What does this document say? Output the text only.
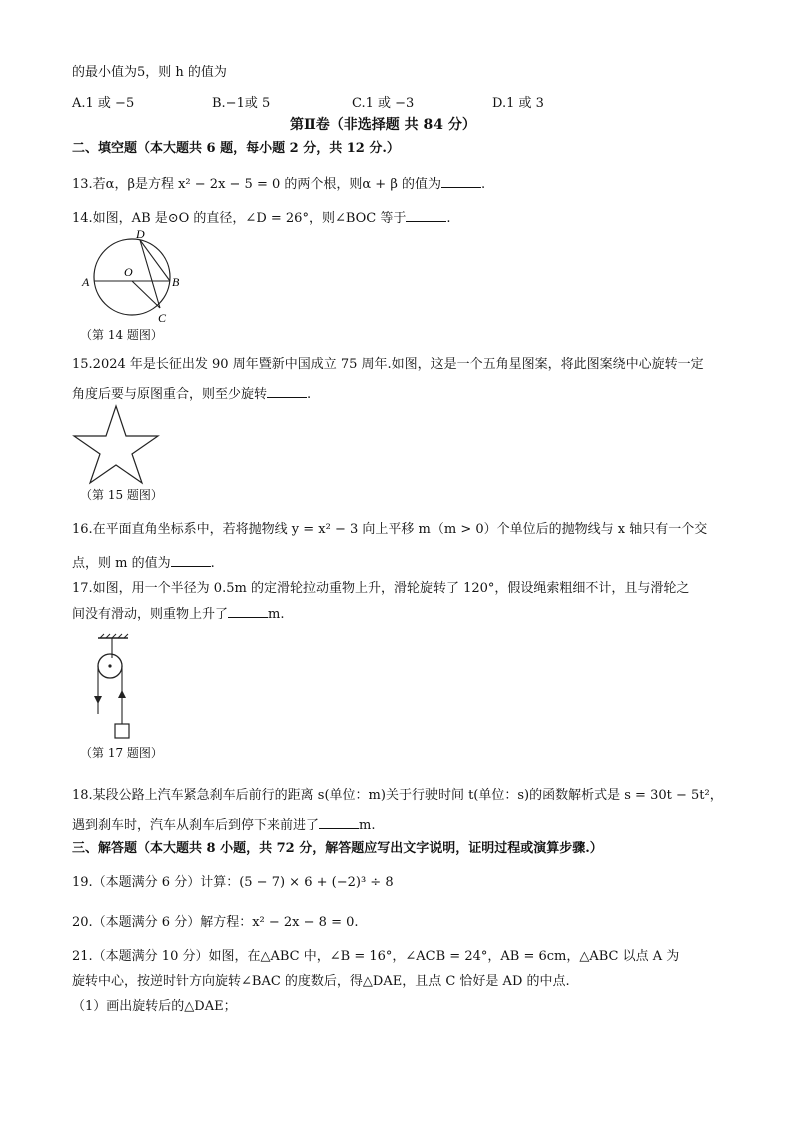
的最小值为5，则 h 的值为
A.1 或 −5	B.−1或 5	C.1 或 −3	D.1 或 3
第Ⅱ卷（非选择题 共 84 分）
二、填空题（本大题共 6 题，每小题 2 分，共 12 分.）
13.若α，β是方程 x² − 2x − 5 = 0 的两个根，则α + β 的值为	.
14.如图，AB 是⊙O 的直径，∠D = 26°，则∠BOC 等于	.
D
A	B
C
O
（第 14 题图）
15.2024 年是长征出发 90 周年暨新中国成立 75 周年.如图，这是一个五角星图案，将此图案绕中心旋转一定
角度后要与原图重合，则至少旋转	.
（第 15 题图）
16.在平面直角坐标系中，若将抛物线 y = x² − 3 向上平移 m（m > 0）个单位后的抛物线与 x 轴只有一个交
点，则 m 的值为	.
17.如图，用一个半径为 0.5m 的定滑轮拉动重物上升，滑轮旋转了 120°，假设绳索粗细不计，且与滑轮之
间没有滑动，则重物上升了	m.
（第 17 题图）
18.某段公路上汽车紧急刹车后前行的距离 s(单位：m)关于行驶时间 t(单位：s)的函数解析式是 s = 30t − 5t²，
遇到刹车时，汽车从刹车后到停下来前进了	m.
三、解答题（本大题共 8 小题，共 72 分，解答题应写出文字说明，证明过程或演算步骤.）
19.（本题满分 6 分）计算：(5 − 7) × 6 + (−2)³ ÷ 8
20.（本题满分 6 分）解方程：x² − 2x − 8 = 0.
21.（本题满分 10 分）如图，在△ABC 中，∠B = 16°，∠ACB = 24°，AB = 6cm，△ABC 以点 A 为
旋转中心，按逆时针方向旋转∠BAC 的度数后，得△DAE，且点 C 恰好是 AD 的中点.
（1）画出旋转后的△DAE；
